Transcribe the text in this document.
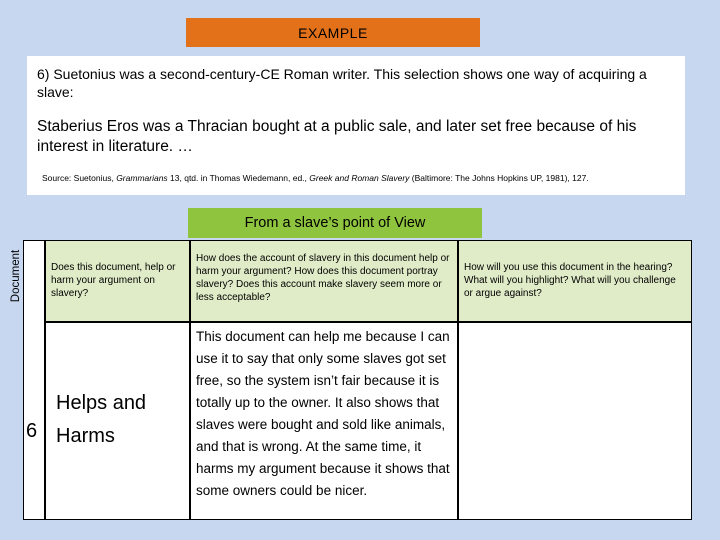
EXAMPLE

6) Suetonius was a second-century-CE Roman writer. This selection shows one way of acquiring a slave:

Staberius Eros was a Thracian bought at a public sale, and later set free because of his interest in literature. …

Source: Suetonius, Grammarians 13, qtd. in Thomas Wiedemann, ed., Greek and Roman Slavery (Baltimore: The Johns Hopkins UP, 1981), 127.

From a slave’s point of View
Document	Does this document, help or harm your argument on slavery?
How does the account of slavery in this document help or harm your argument? How does this document portray slavery? Does this account make slavery seem more or less acceptable?
How will you use this document in the hearing? What will you highlight? What will you challenge or argue against?
Helps and Harms
This document can help me because I can use it to say that only some slaves got set free, so the system isn’t fair because it is totally up to the owner. It also shows that slaves were bought and sold like animals, and that is wrong. At the same time, it harms my argument because it shows that some owners could be nicer.
6
